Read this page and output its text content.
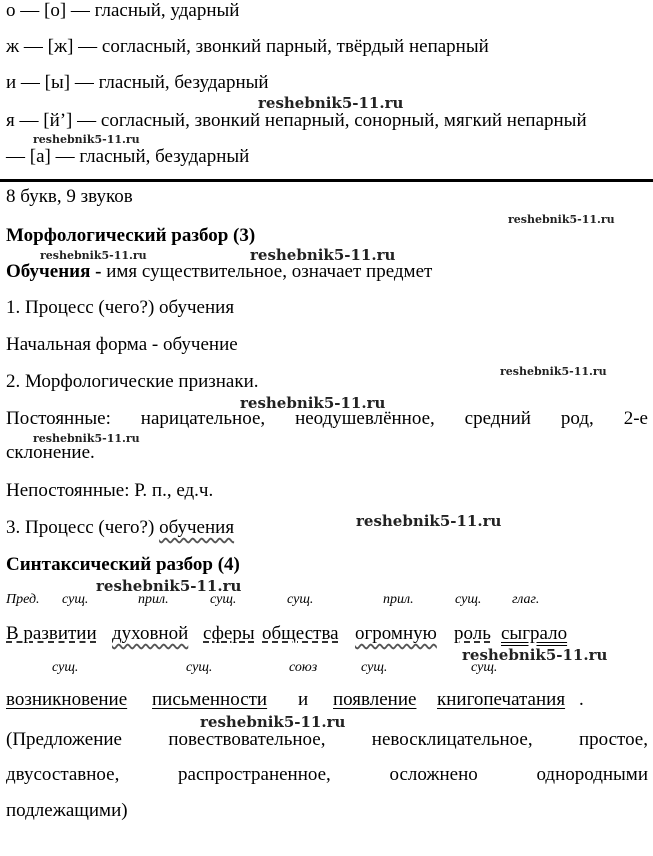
о — [о] — гласный, ударный
ж — [ж] — согласный, звонкий парный, твёрдый непарный
и — [ы] — гласный, безударный
я — [й’] — согласный, звонкий непарный, сонорный, мягкий непарный
— [а] — гласный, безударный
8 букв, 9 звуков
Морфологический разбор (3)
Обучения - имя существительное, означает предмет
1. Процесс (чего?) обучения
Начальная форма - обучение
2. Морфологические признаки.
Постоянные: нарицательное, неодушевлённое, средний род, 2-е
склонение.
Непостоянные: Р. п., ед.ч.
3. Процесс (чего?) обучения
Синтаксический разбор (4)
Пред. сущ.	прил.	сущ.	сущ.	прил.	сущ. глаг.
В развитии духовной сферы общества огромную роль сыграло
сущ.	сущ.	союз	сущ.	сущ.
возникновение письменности и появление книгопечатания .
(Предложение повествовательное, невосклицательное, простое,
двусоставное,	распространенное,	осложнено	однородными
подлежащими)
reshebnik5-11.ru
reshebnik5-11.ru
reshebnik5-11.ru
reshebnik5-11.ru	reshebnik5-11.ru
reshebnik5-11.ru
reshebnik5-11.ru
reshebnik5-11.ru
reshebnik5-11.ru
reshebnik5-11.ru
reshebnik5-11.ru
reshebnik5-11.ru
